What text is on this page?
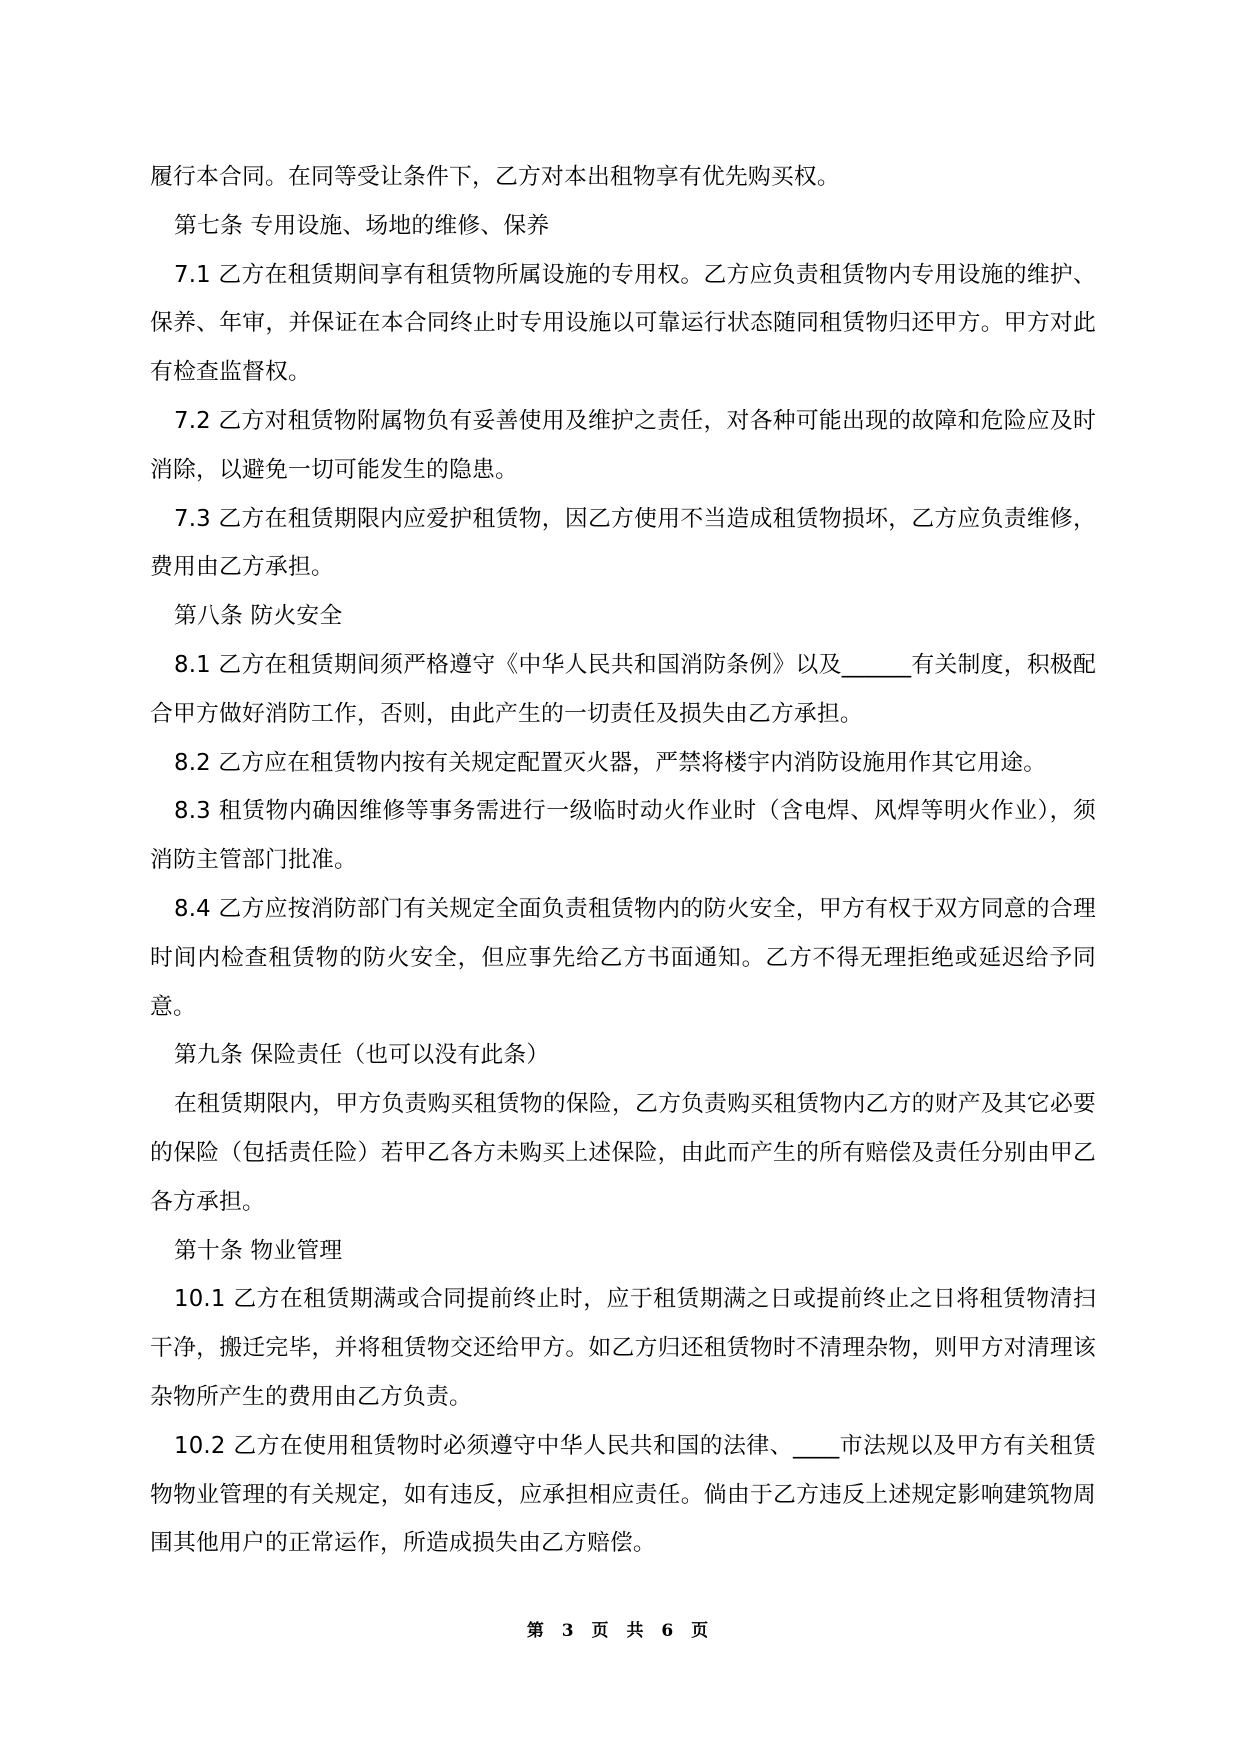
履行本合同。在同等受让条件下，乙方对本出租物享有优先购买权。

第七条 专用设施、场地的维修、保养

7.1 乙方在租赁期间享有租赁物所属设施的专用权。乙方应负责租赁物内专用设施的维护、保养、年审，并保证在本合同终止时专用设施以可靠运行状态随同租赁物归还甲方。甲方对此有检查监督权。

7.2 乙方对租赁物附属物负有妥善使用及维护之责任，对各种可能出现的故障和危险应及时消除，以避免一切可能发生的隐患。

7.3 乙方在租赁期限内应爱护租赁物，因乙方使用不当造成租赁物损坏，乙方应负责维修，费用由乙方承担。

第八条 防火安全

8.1 乙方在租赁期间须严格遵守《中华人民共和国消防条例》以及______有关制度，积极配合甲方做好消防工作，否则，由此产生的一切责任及损失由乙方承担。

8.2 乙方应在租赁物内按有关规定配置灭火器，严禁将楼宇内消防设施用作其它用途。

8.3 租赁物内确因维修等事务需进行一级临时动火作业时（含电焊、风焊等明火作业），须消防主管部门批准。

8.4 乙方应按消防部门有关规定全面负责租赁物内的防火安全，甲方有权于双方同意的合理时间内检查租赁物的防火安全，但应事先给乙方书面通知。乙方不得无理拒绝或延迟给予同意。

第九条 保险责任（也可以没有此条）

在租赁期限内，甲方负责购买租赁物的保险，乙方负责购买租赁物内乙方的财产及其它必要的保险（包括责任险）若甲乙各方未购买上述保险，由此而产生的所有赔偿及责任分别由甲乙各方承担。

第十条 物业管理

10.1 乙方在租赁期满或合同提前终止时，应于租赁期满之日或提前终止之日将租赁物清扫干净，搬迁完毕，并将租赁物交还给甲方。如乙方归还租赁物时不清理杂物，则甲方对清理该杂物所产生的费用由乙方负责。

10.2 乙方在使用租赁物时必须遵守中华人民共和国的法律、____市法规以及甲方有关租赁物物业管理的有关规定，如有违反，应承担相应责任。倘由于乙方违反上述规定影响建筑物周围其他用户的正常运作，所造成损失由乙方赔偿。

第 3 页 共 6 页
